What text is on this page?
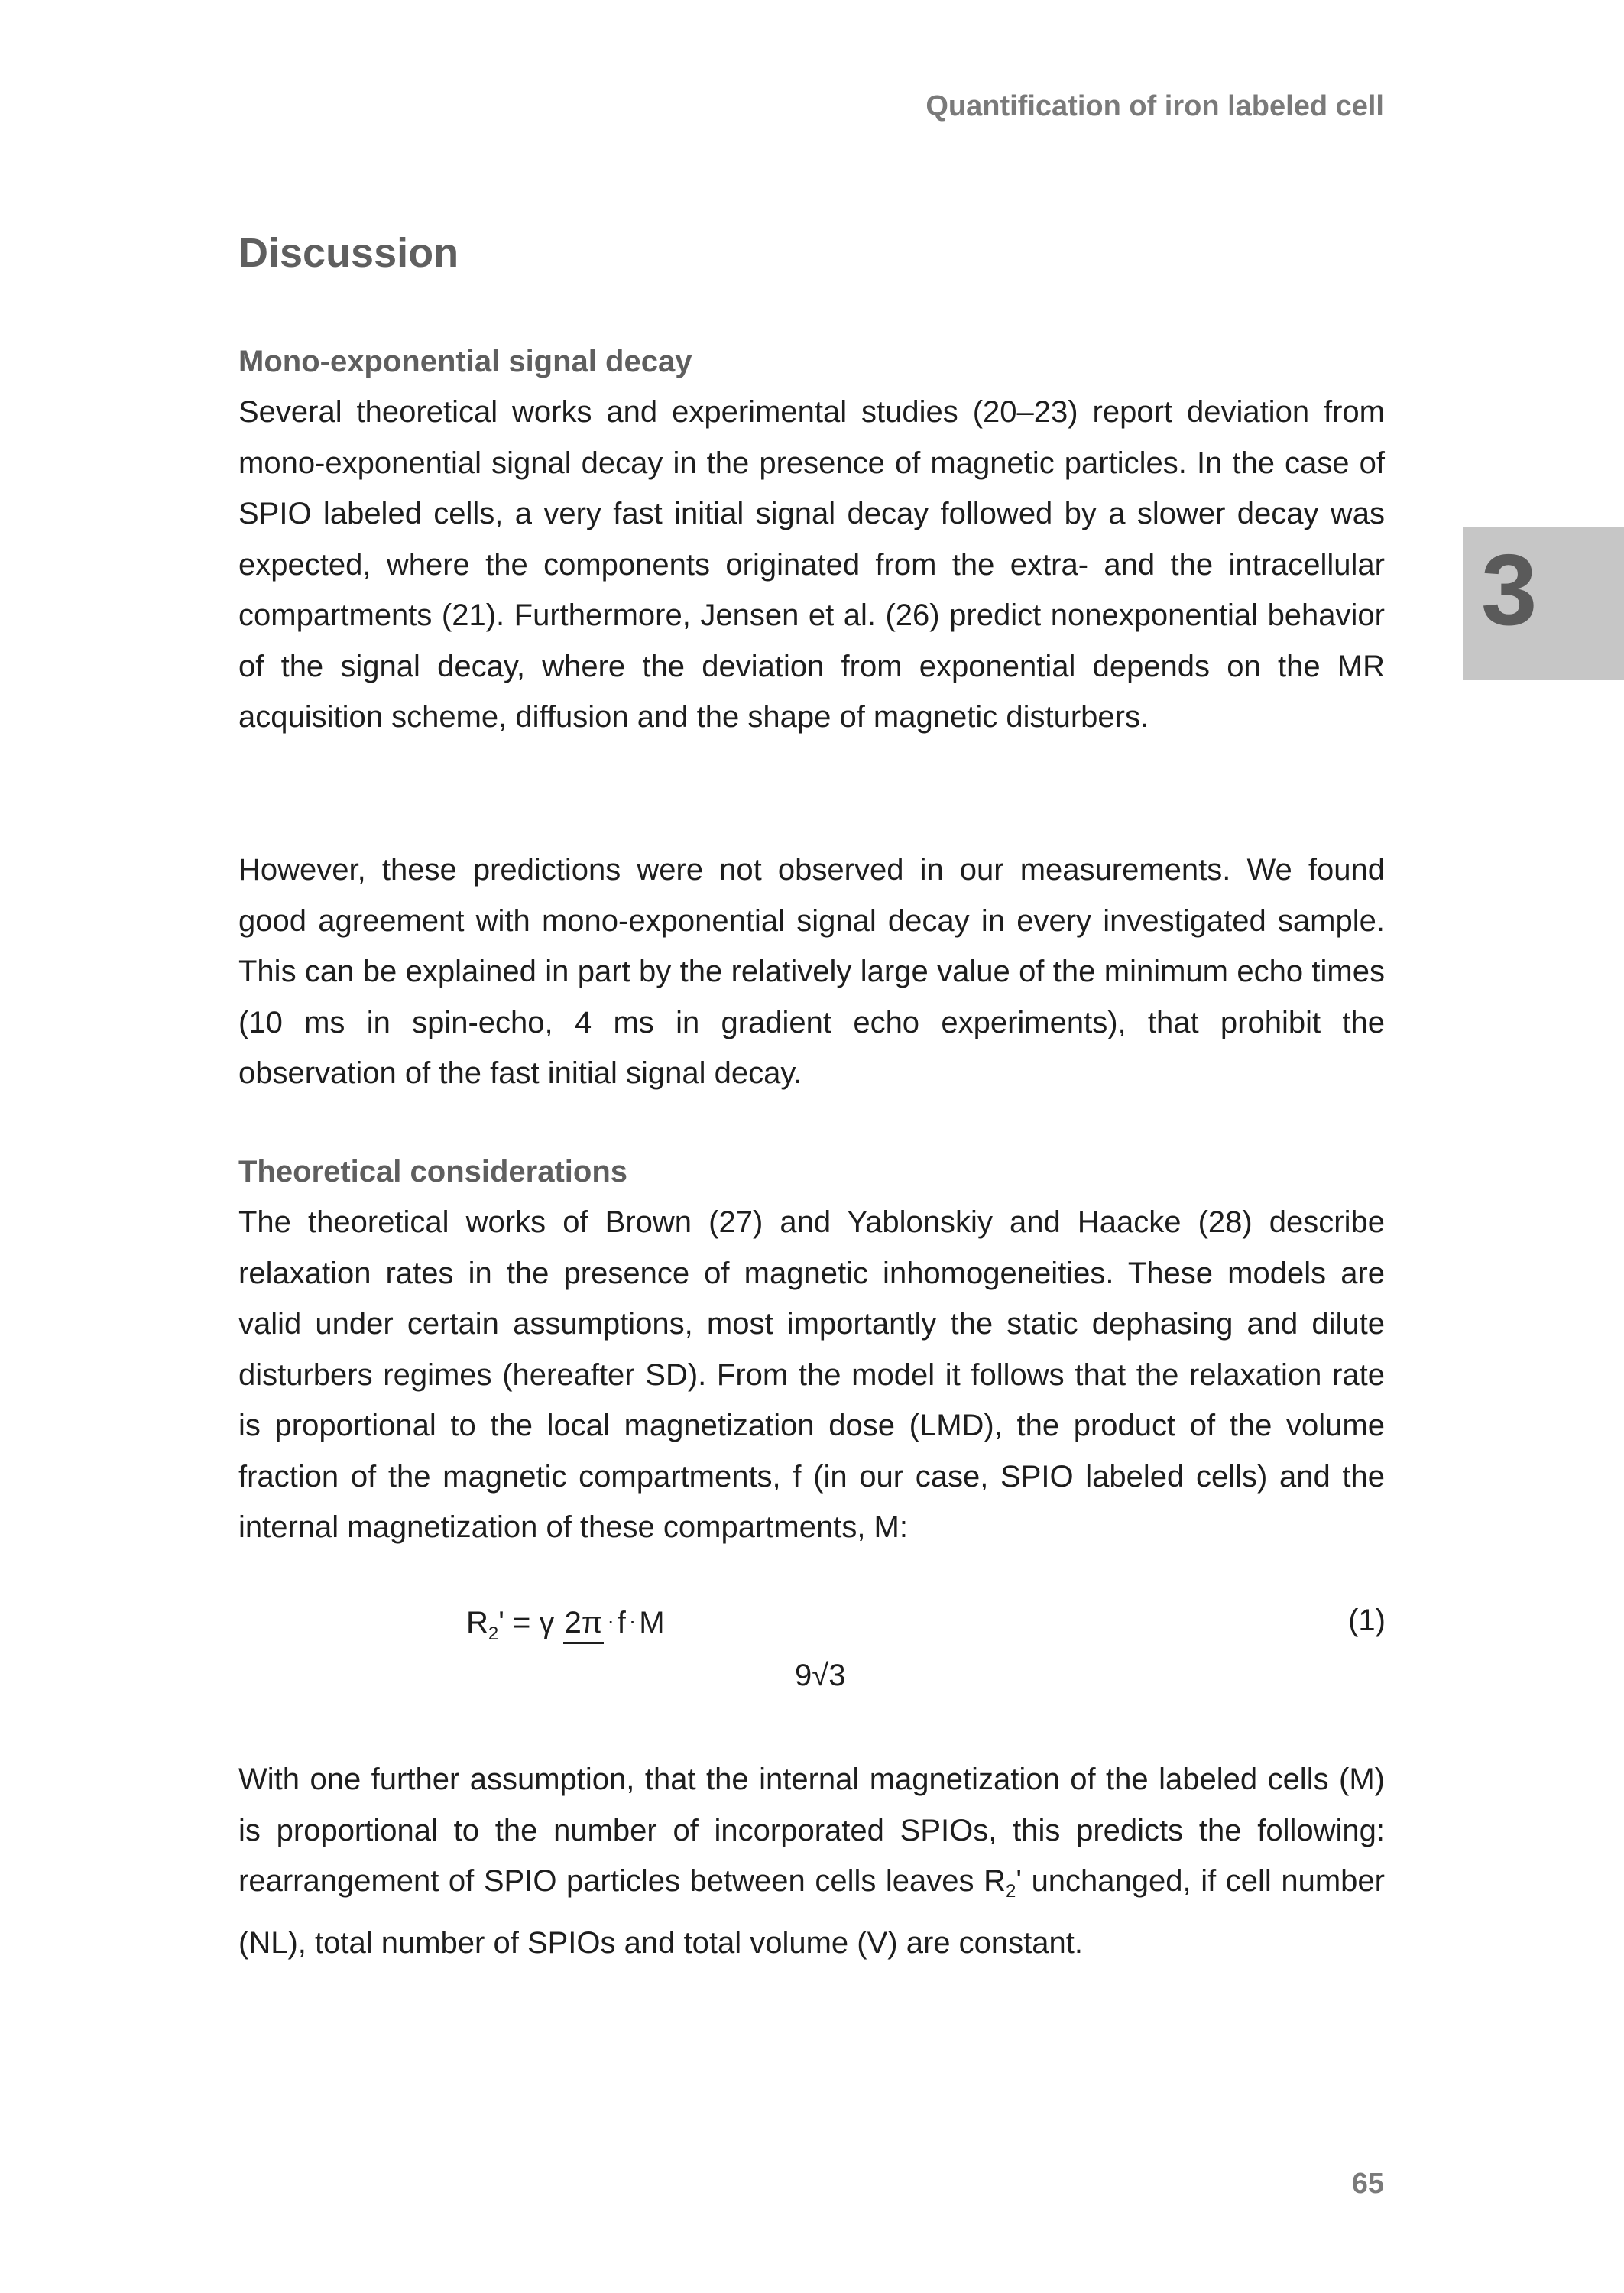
Quantification of iron labeled cell
3
Discussion
Mono-exponential signal decay

Several theoretical works and experimental studies (20–23) report deviation from mono-exponential signal decay in the presence of magnetic particles. In the case of SPIO labeled cells, a very fast initial signal decay followed by a slower decay was expected, where the components originated from the extra- and the intracellular compartments (21). Furthermore, Jensen et al. (26) predict nonexponential behavior of the signal decay, where the deviation from exponential depends on the MR acquisition scheme, diffusion and the shape of magnetic disturbers.

However, these predictions were not observed in our measurements. We found good agreement with mono-exponential signal decay in every investigated sample. This can be explained in part by the relatively large value of the minimum echo times (10 ms in spin-echo, 4 ms in gradient echo experiments), that prohibit the observation of the fast initial signal decay.

Theoretical considerations

The theoretical works of Brown (27) and Yablonskiy and Haacke (28) describe relaxation rates in the presence of magnetic inhomogeneities. These models are valid under certain assumptions, most importantly the static dephasing and dilute disturbers regimes (hereafter SD). From the model it follows that the relaxation rate is proportional to the local magnetization dose (LMD), the product of the volume fraction of the magnetic compartments, f (in our case, SPIO labeled cells) and the internal magnetization of these compartments, M:

With one further assumption, that the internal magnetization of the labeled cells (M) is proportional to the number of incorporated SPIOs, this predicts the following: rearrangement of SPIO particles between cells leaves $R_2'$ unchanged, if cell number (NL), total number of SPIOs and total volume (V) are constant.

$R_2' = \gamma$ 2π · f · M
9√3
(1)
65
